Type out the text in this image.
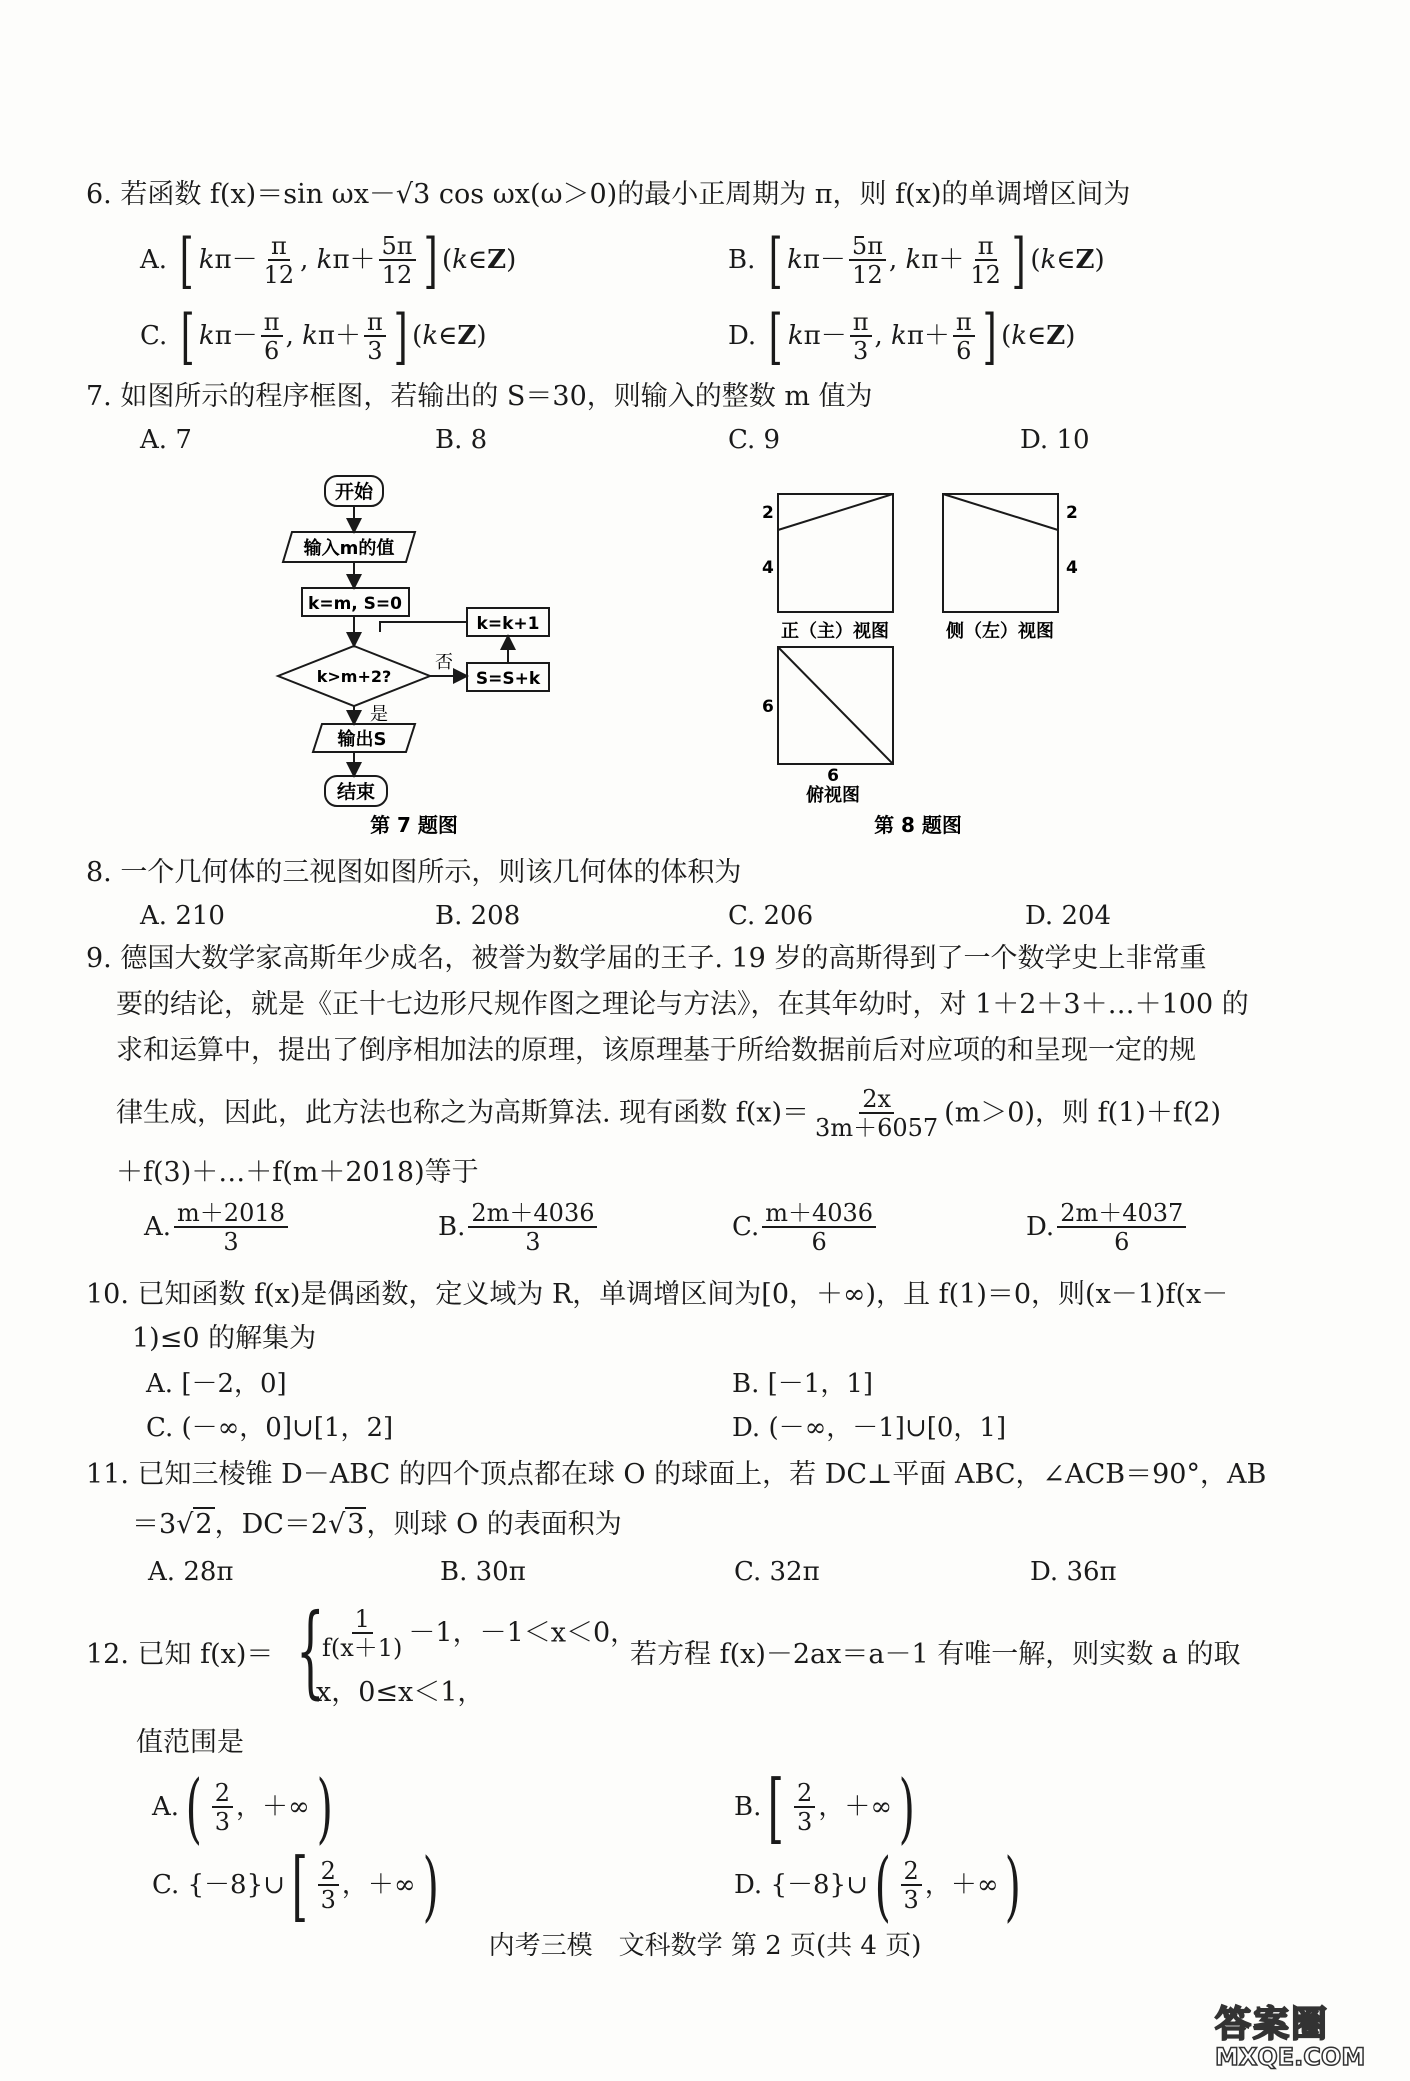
6. 若函数 f(x)＝sin ωx－√3 cos ωx(ω＞0)的最小正周期为 π，则 f(x)的单调增区间为
A. [ $k\pi- \frac{\pi}{12}$ , $k\pi+ \frac{5\pi}{12}$ ] (k∈Z)	B. [ $k\pi- \frac{5\pi}{12}$ , $k\pi+ \frac{\pi}{12}$ ] (k∈Z)
C. [ $k\pi- \frac{\pi}{6}$ , $k\pi+ \frac{\pi}{3}$ ] (k∈Z)	D. [ $k\pi- \frac{\pi}{3}$ , $k\pi+ \frac{\pi}{6}$ ] (k∈Z)
7. 如图所示的程序框图，若输出的 S＝30，则输入的整数 m 值为
A. 7	B. 8	C. 9	D. 10
开始
输入m的值
k=m, S=0
k=k+1
k>m+2?
否
S=S+k
是
输出S
结束
第 7 题图
2
4
2
4
正（主）视图	侧（左）视图
6
6
俯视图
第 8 题图
8. 一个几何体的三视图如图所示，则该几何体的体积为
A. 210	B. 208	C. 206	D. 204
9. 德国大数学家高斯年少成名，被誉为数学届的王子. 19 岁的高斯得到了一个数学史上非常重
要的结论，就是《正十七边形尺规作图之理论与方法》，在其年幼时，对 1＋2＋3＋…＋100 的
求和运算中，提出了倒序相加法的原理，该原理基于所给数据前后对应项的和呈现一定的规
律生成，因此，此方法也称之为高斯算法. 现有函数 $f(x)= \frac{2x}{3m+6057} (m>0)$，则 f(1)＋f(2)
＋f(3)＋…＋f(m＋2018)等于
A. $\frac{m+2018}{3}$	B. $\frac{2m+4036}{3}$	C. $\frac{m+4036}{6}$	D. $\frac{2m+4037}{6}$
10. 已知函数 f(x)是偶函数，定义域为 R，单调增区间为[0，＋∞)，且 f(1)＝0，则(x－1)f(x－
1)≤0 的解集为
A. [－2，0]	B. [－1，1]
C. (－∞，0]∪[1，2]	D. (－∞，－1]∪[0，1]
11. 已知三棱锥 D－ABC 的四个顶点都在球 O 的球面上，若 DC⊥平面 ABC，∠ACB＝90°，AB
＝3√2，DC＝2√3，则球 O 的表面积为
A. 28π	B. 30π	C. 32π	D. 36π
12. 已知 f(x)＝ {
$\frac{1}{f(x+1)} -1$，－1＜x＜0，
x，0≤x＜1，
若方程 f(x)－2ax＝a－1 有唯一解，则实数 a 的取
值范围是
$A.( \frac{2}{3}$ ，＋∞)	$B.[ \frac{2}{3}$ ，＋∞)
C. {－8}∪[ $\frac{2}{3}$ ，＋∞)	D. {－8}∪( $\frac{2}{3}$ ，＋∞)
内考三模　文科数学 第 2 页(共 4 页)
答案圈
MXQE.COM
